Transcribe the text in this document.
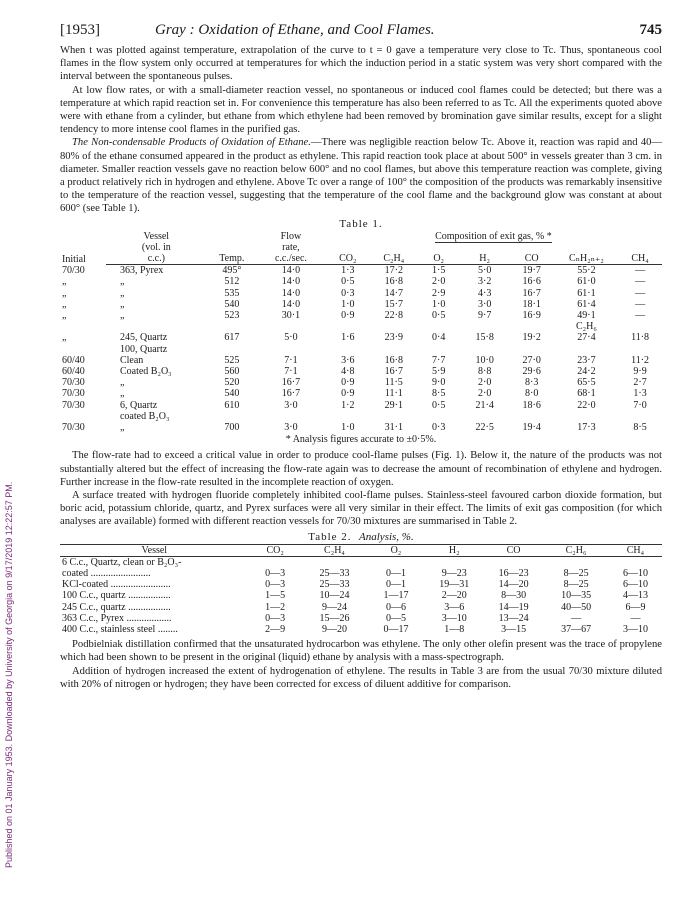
Published on 01 January 1953. Downloaded by University of Georgia on 9/17/2019 12:22:57 PM.
[1953]	Gray : Oxidation of Ethane, and Cool Flames.	745

When t was plotted against temperature, extrapolation of the curve to t = 0 gave a temperature very close to Tc. Thus, spontaneous cool flames in the flow system only occurred at temperatures for which the induction period in a static system was very short compared with the interval between the spontaneous pulses.

At low flow rates, or with a small-diameter reaction vessel, no spontaneous or induced cool flames could be detected; but there was a temperature at which rapid reaction set in. For convenience this temperature has also been referred to as Tc. All the experiments quoted above were with ethane from a cylinder, but ethane from which ethylene had been removed by bromination gave similar results, except for a slight tendency to more intense cool flames in the purified gas.

The Non-condensable Products of Oxidation of Ethane.—There was negligible reaction below Tc. Above it, reaction was rapid and 40—80% of the ethane consumed appeared in the product as ethylene. This rapid reaction took place at about 500° in vessels greater than 3 cm. in diameter. Smaller reaction vessels gave no reaction below 600° and no cool flames, but above this temperature reaction was complete, giving a product relatively rich in hydrogen and ethylene. Above Tc over a range of 100° the composition of the products was remarkably insensitive to the temperature of the reaction vessel, suggesting that the temperature of the cool flame and the background glow was constant at about 600° (see Table 1).

Table 1.
Initial	Vessel		Flow	Composition of exit gas, % *						
	(vol. in		rate,							
	c.c.)	Temp.	c.c./sec.	CO₂	C₂H₄	O₂	H₂	CO	CₙH₂ₙ₊₂	CH₄
70/30	363, Pyrex	495°	14·0	1·3	17·2	1·5	5·0	19·7	55·2	—
„	„	512	14·0	0·5	16·8	2·0	3·2	16·6	61·0	—
„	„	535	14·0	0·3	14·7	2·9	4·3	16·7	61·1	—
„	„	540	14·0	1·0	15·7	1·0	3·0	18·1	61·4	—
„	„	523	30·1	0·9	22·8	0·5	9·7	16·9	49·1	—
									C₂H₆	
„	245, Quartz	617	5·0	1·6	23·9	0·4	15·8	19·2	27·4	11·8
	100, Quartz									
60/40	Clean	525	7·1	3·6	16·8	7·7	10·0	27·0	23·7	11·2
60/40	Coated B₂O₃	560	7·1	4·8	16·7	5·9	8·8	29·6	24·2	9·9
70/30	„	520	16·7	0·9	11·5	9·0	2·0	8·3	65·5	2·7
70/30	„	540	16·7	0·9	11·1	8·5	2·0	8·0	68·1	1·3
70/30	6, Quartz	610	3·0	1·2	29·1	0·5	21·4	18·6	22·0	7·0
	coated B₂O₃									
70/30	„	700	3·0	1·0	31·1	0·3	22·5	19·4	17·3	8·5
* Analysis figures accurate to ±0·5%.

The flow-rate had to exceed a critical value in order to produce cool-flame pulses (Fig. 1). Below it, the nature of the products was not substantially altered but the effect of increasing the flow-rate again was to decrease the amount of recombination of ethylene and hydrogen. Further increase in the flow-rate resulted in the incomplete reaction of oxygen.

A surface treated with hydrogen fluoride completely inhibited cool-flame pulses. Stainless-steel favoured carbon dioxide formation, but boric acid, potassium chloride, quartz, and Pyrex surfaces were all very similar in their effect. The limits of exit gas composition (for which analyses are available) formed with different reaction vessels for 70/30 mixtures are summarised in Table 2.

Table 2. Analysis, %.
Vessel	CO₂	C₂H₄	O₂	H₂	CO	C₂H₆	CH₄
6 C.c., Quartz, clean or B₂O₃-							
coated ........................	0—3	25—33	0—1	9—23	16—23	8—25	6—10
KCl-coated ........................	0—3	25—33	0—1	19—31	14—20	8—25	6—10
100 C.c., quartz .................	1—5	10—24	1—17	2—20	8—30	10—35	4—13
245 C.c., quartz .................	1—2	9—24	0—6	3—6	14—19	40—50	6—9
363 C.c., Pyrex ..................	0—3	15—26	0—5	3—10	13—24	—	—
400 C.c., stainless steel ........	2—9	9—20	0—17	1—8	3—15	37—67	3—10

Podbielniak distillation confirmed that the unsaturated hydrocarbon was ethylene. The only other olefin present was the trace of propylene which had been shown to be present in the original (liquid) ethane by analysis with a mass-spectrograph.

Addition of hydrogen increased the extent of hydrogenation of ethylene. The results in Table 3 are from the usual 70/30 mixture diluted with 20% of nitrogen or hydrogen; they have been corrected for excess of diluent additive for comparison.
